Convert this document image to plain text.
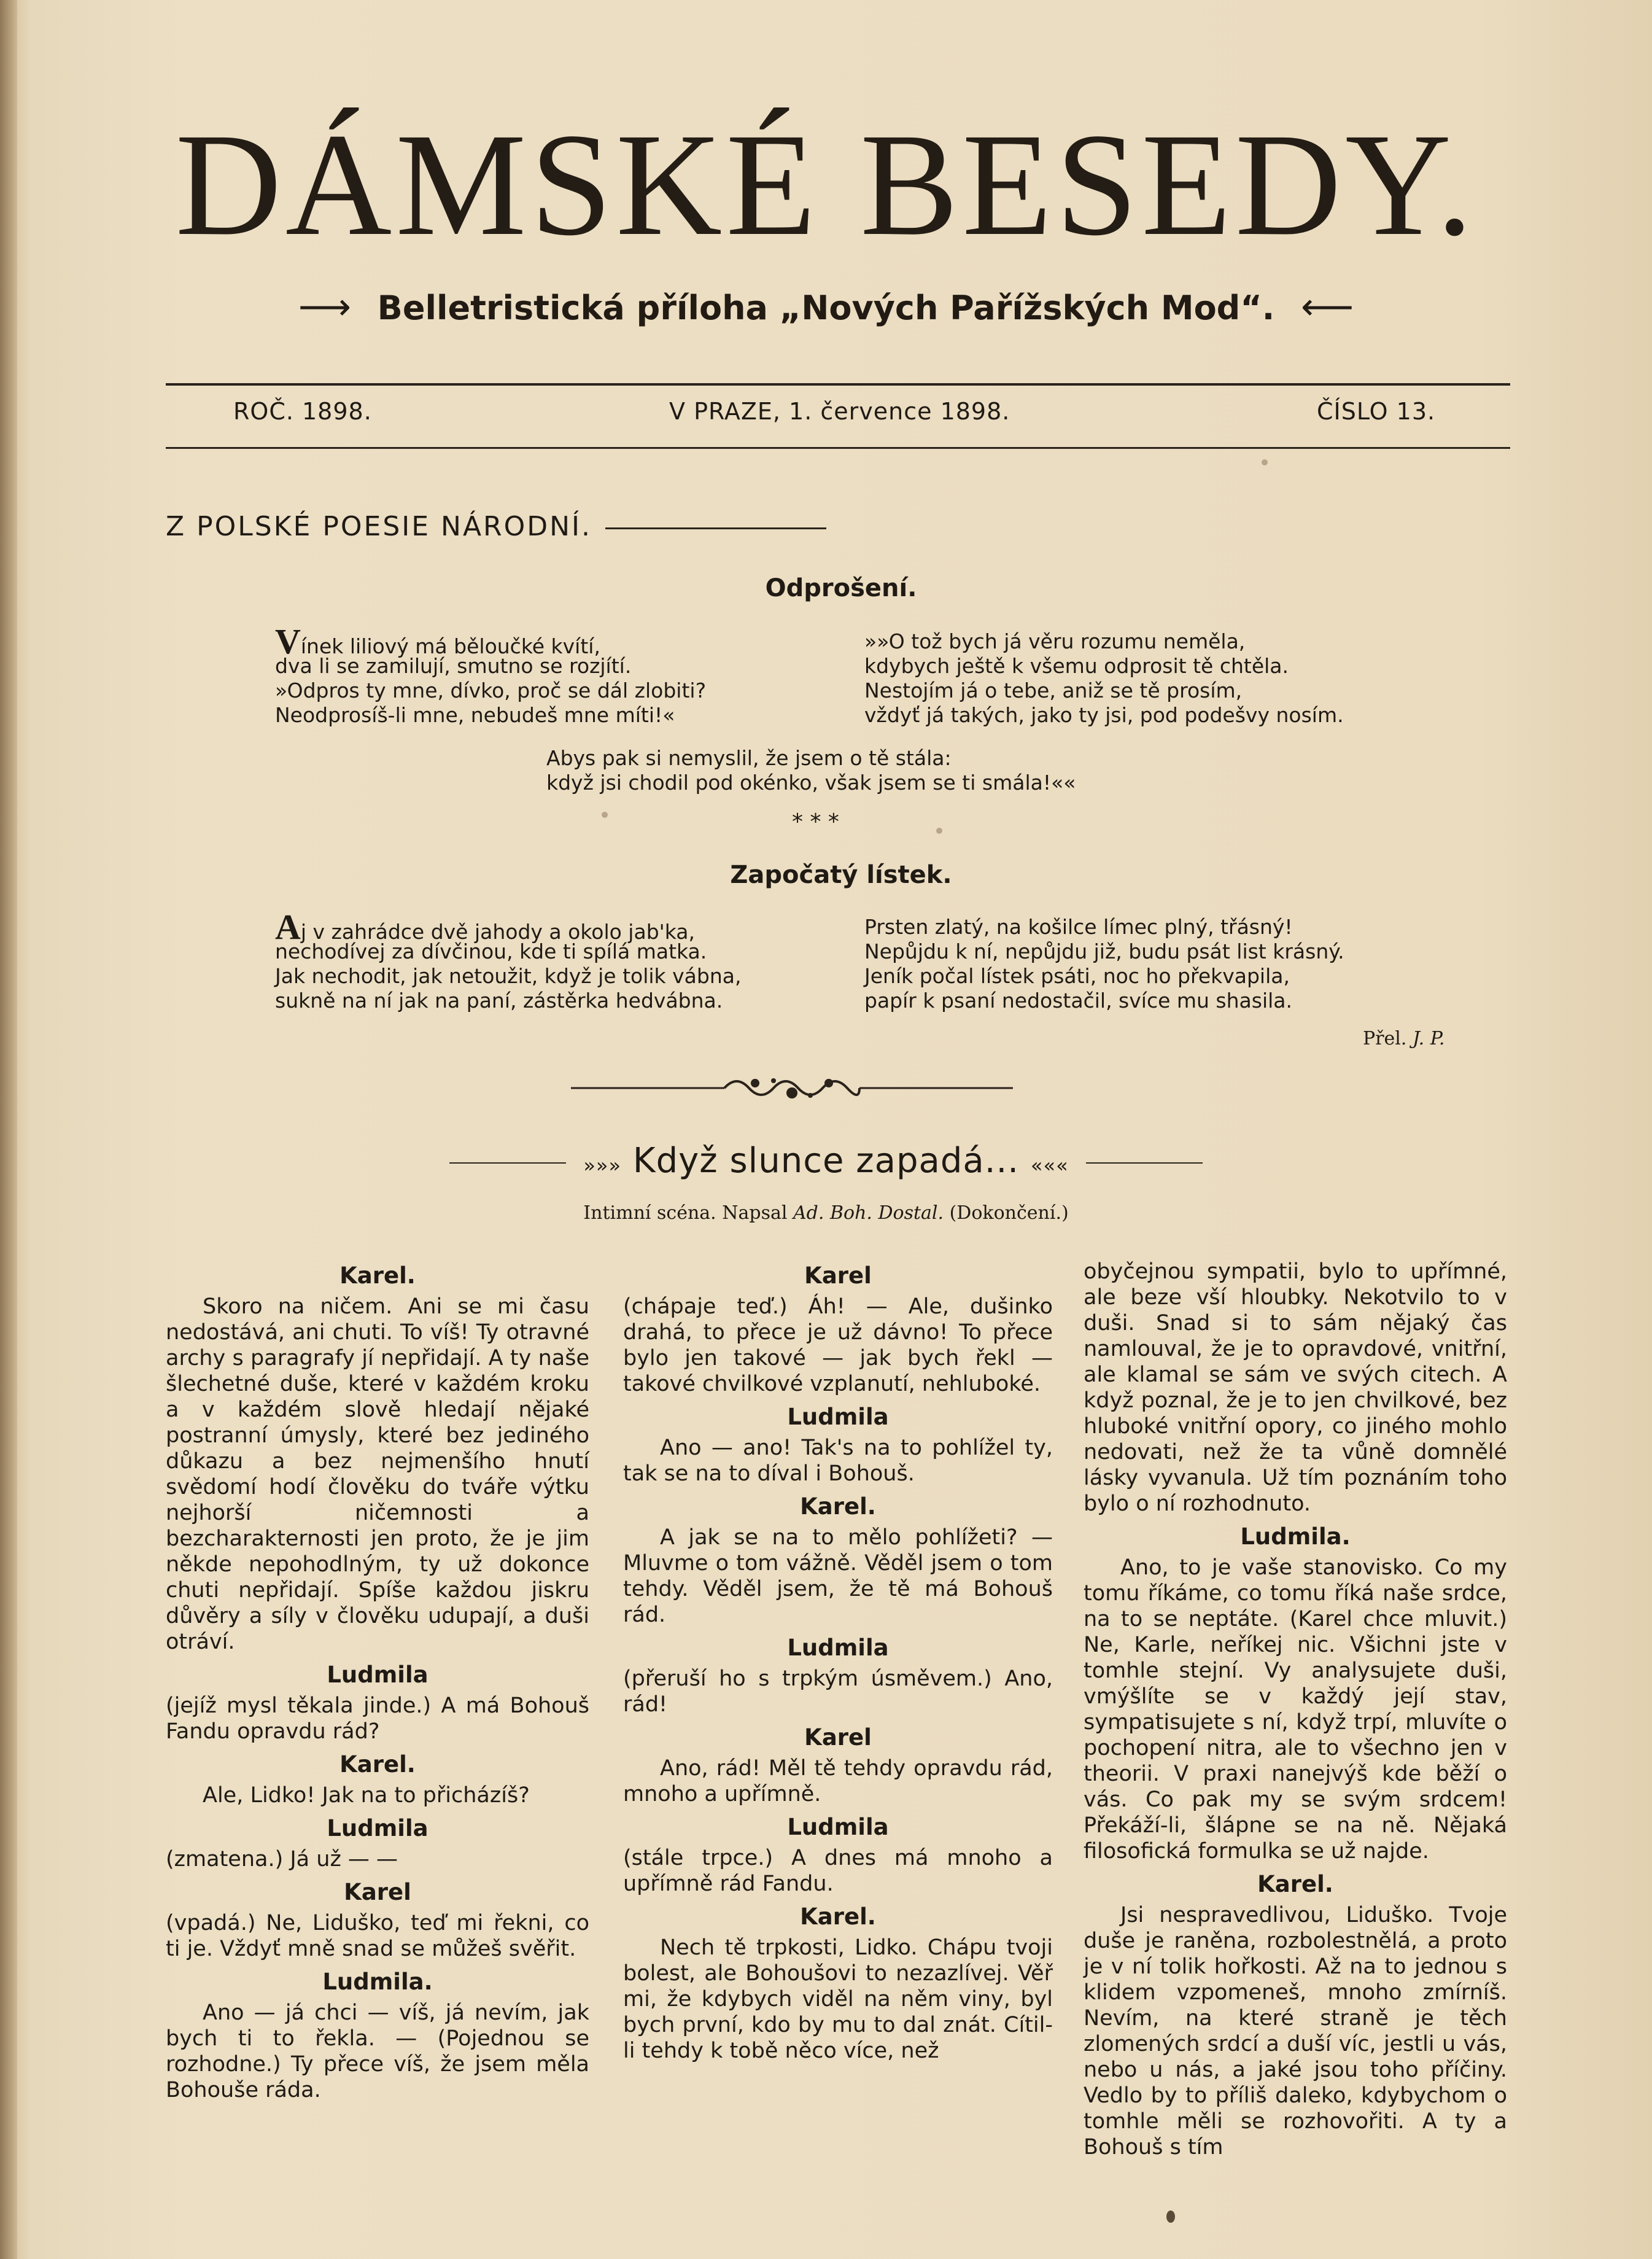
DÁMSKÉ BESEDY.
⟶ Belletristická příloha „Nových Pařížských Mod“. ⟵
ROČ. 1898.	V PRAZE, 1. července 1898.	ČÍSLO 13.
Z POLSKÉ POESIE NÁRODNÍ.
Odprošení.
Vínek liliový má bělоučké kvítí,
dva li se zamilují, smutno se rozjítí.
»Odpros ty mne, dívko, proč se dál zlobiti?
Neodprosíš-li mne, nebudeš mne míti!«
»»O tož bych já věru rozumu neměla,
kdybych ještě k všemu odprosit tě chtěla.
Nestojím já o tebe, aniž se tě prosím,
vždyť já takých, jako ty jsi, pod podešvy nosím.
Abys pak si nemyslil, že jsem o tě stála:
když jsi chodil pod okénko, však jsem se ti smála!««
* * *
Započatý lístek.
Aj v zahrádce dvě jahody a okolo jab'ka,
nechodívej za dívčinou, kde ti spílá matka.
Jak nechodit, jak netoužit, když je tolik vábna,
sukně na ní jak na paní, zástěrka hedvábna.
Prsten zlatý, na košilce límec plný, třásný!
Nepůjdu k ní, nepůjdu již, budu psát list krásný.
Jeník počal lístek psáti, noc ho překvapila,
papír k psaní nedostačil, svíce mu shasila.
Přel. J. P.
»»» Když slunce zapadá... «««
Intimní scéna. Napsal Ad. Boh. Dostal. (Dokončení.)
Karel.

Skoro na ničem. Ani se mi času nedostává, ani chuti. To víš! Ty otravné archy s paragrafy jí nepřidají. A ty naše šlechetné duše, které v každém kroku a v každém slově hledají nějaké postranní úmysly, které bez jediného důkazu a bez nejmenšího hnutí svědomí hodí člověku do tváře výtku nejhorší ničemnosti a bezcharakternosti jen proto, že je jim někde nepohodlným, ty už dokonce chuti nepřidají. Spíše každou jiskru důvěry a síly v člověku udupají, a duši otráví.

Ludmila

(jejíž mysl těkala jinde.) A má Bohouš Fandu opravdu rád?

Karel.

Ale, Lidko! Jak na to přicházíš?

Ludmila

(zmatena.) Já už — —

Karel

(vpadá.) Ne, Liduško, teď mi řekni, co ti je. Vždyť mně snad se můžeš svěřit.

Ludmila.

Ano — já chci — víš, já nevím, jak bych ti to řekla. — (Pojednou se rozhodne.) Ty přece víš, že jsem měla Bohouše ráda.

Karel

(chápaje teď.) Áh! — Ale, dušinko drahá, to přece je už dávno! To přece bylo jen takové — jak bych řekl — takové chvilkové vzplanutí, nehluboké.

Ludmila

Ano — ano! Tak's na to pohlížel ty, tak se na to díval i Bohouš.

Karel.

A jak se na to mělo pohlížeti? — Mluvme o tom vážně. Věděl jsem o tom tehdy. Věděl jsem, že tě má Bohouš rád.

Ludmila

(přeruší ho s trpkým úsměvem.) Ano, rád!

Karel

Ano, rád! Měl tě tehdy opravdu rád, mnoho a upřímně.

Ludmila

(stále trpce.) A dnes má mnoho a upřímně rád Fandu.

Karel.

Nech tě trpkosti, Lidko. Chápu tvoji bolest, ale Bohoušovi to nezazlívej. Věř mi, že kdybych viděl na něm viny, byl bych první, kdo by mu to dal znát. Cítil-li tehdy k tobě něco více, než

obyčejnou sympatii, bylo to upřímné, ale beze vší hloubky. Nekotvilo to v duši. Snad si to sám nějaký čas namlouval, že je to opravdové, vnitřní, ale klamal se sám ve svých citech. A když poznal, že je to jen chvilkové, bez hluboké vnitřní opory, co jiného mohlo nedovati, než že ta vůně domnělé lásky vyvanula. Už tím poznáním toho bylo o ní rozhodnuto.

Ludmila.

Ano, to je vaše stanovisko. Co my tomu říkáme, co tomu říká naše srdce, na to se neptáte. (Karel chce mluvit.) Ne, Karle, neříkej nic. Všichni jste v tomhle stejní. Vy analysujete duši, vmýšlíte se v každý její stav, sympatisujete s ní, když trpí, mluvíte o pochopení nitra, ale to všechno jen v theorii. V praxi nanejvýš kde běží o vás. Co pak my se svým srdcem! Překáží-li, šlápne se na ně. Nějaká filosofická formulka se už najde.

Karel.

Jsi nespravedlivou, Liduško. Tvoje duše je raněna, rozbolestnělá, a proto je v ní tolik hořkosti. Až na to jednou s klidem vzpomeneš, mnoho zmírníš. Nevím, na které straně je těch zlomených srdcí a duší víc, jestli u vás, nebo u nás, a jaké jsou toho příčiny. Vedlo by to příliš daleko, kdybychom o tomhle měli se rozhovořiti. A ty a Bohouš s tím
